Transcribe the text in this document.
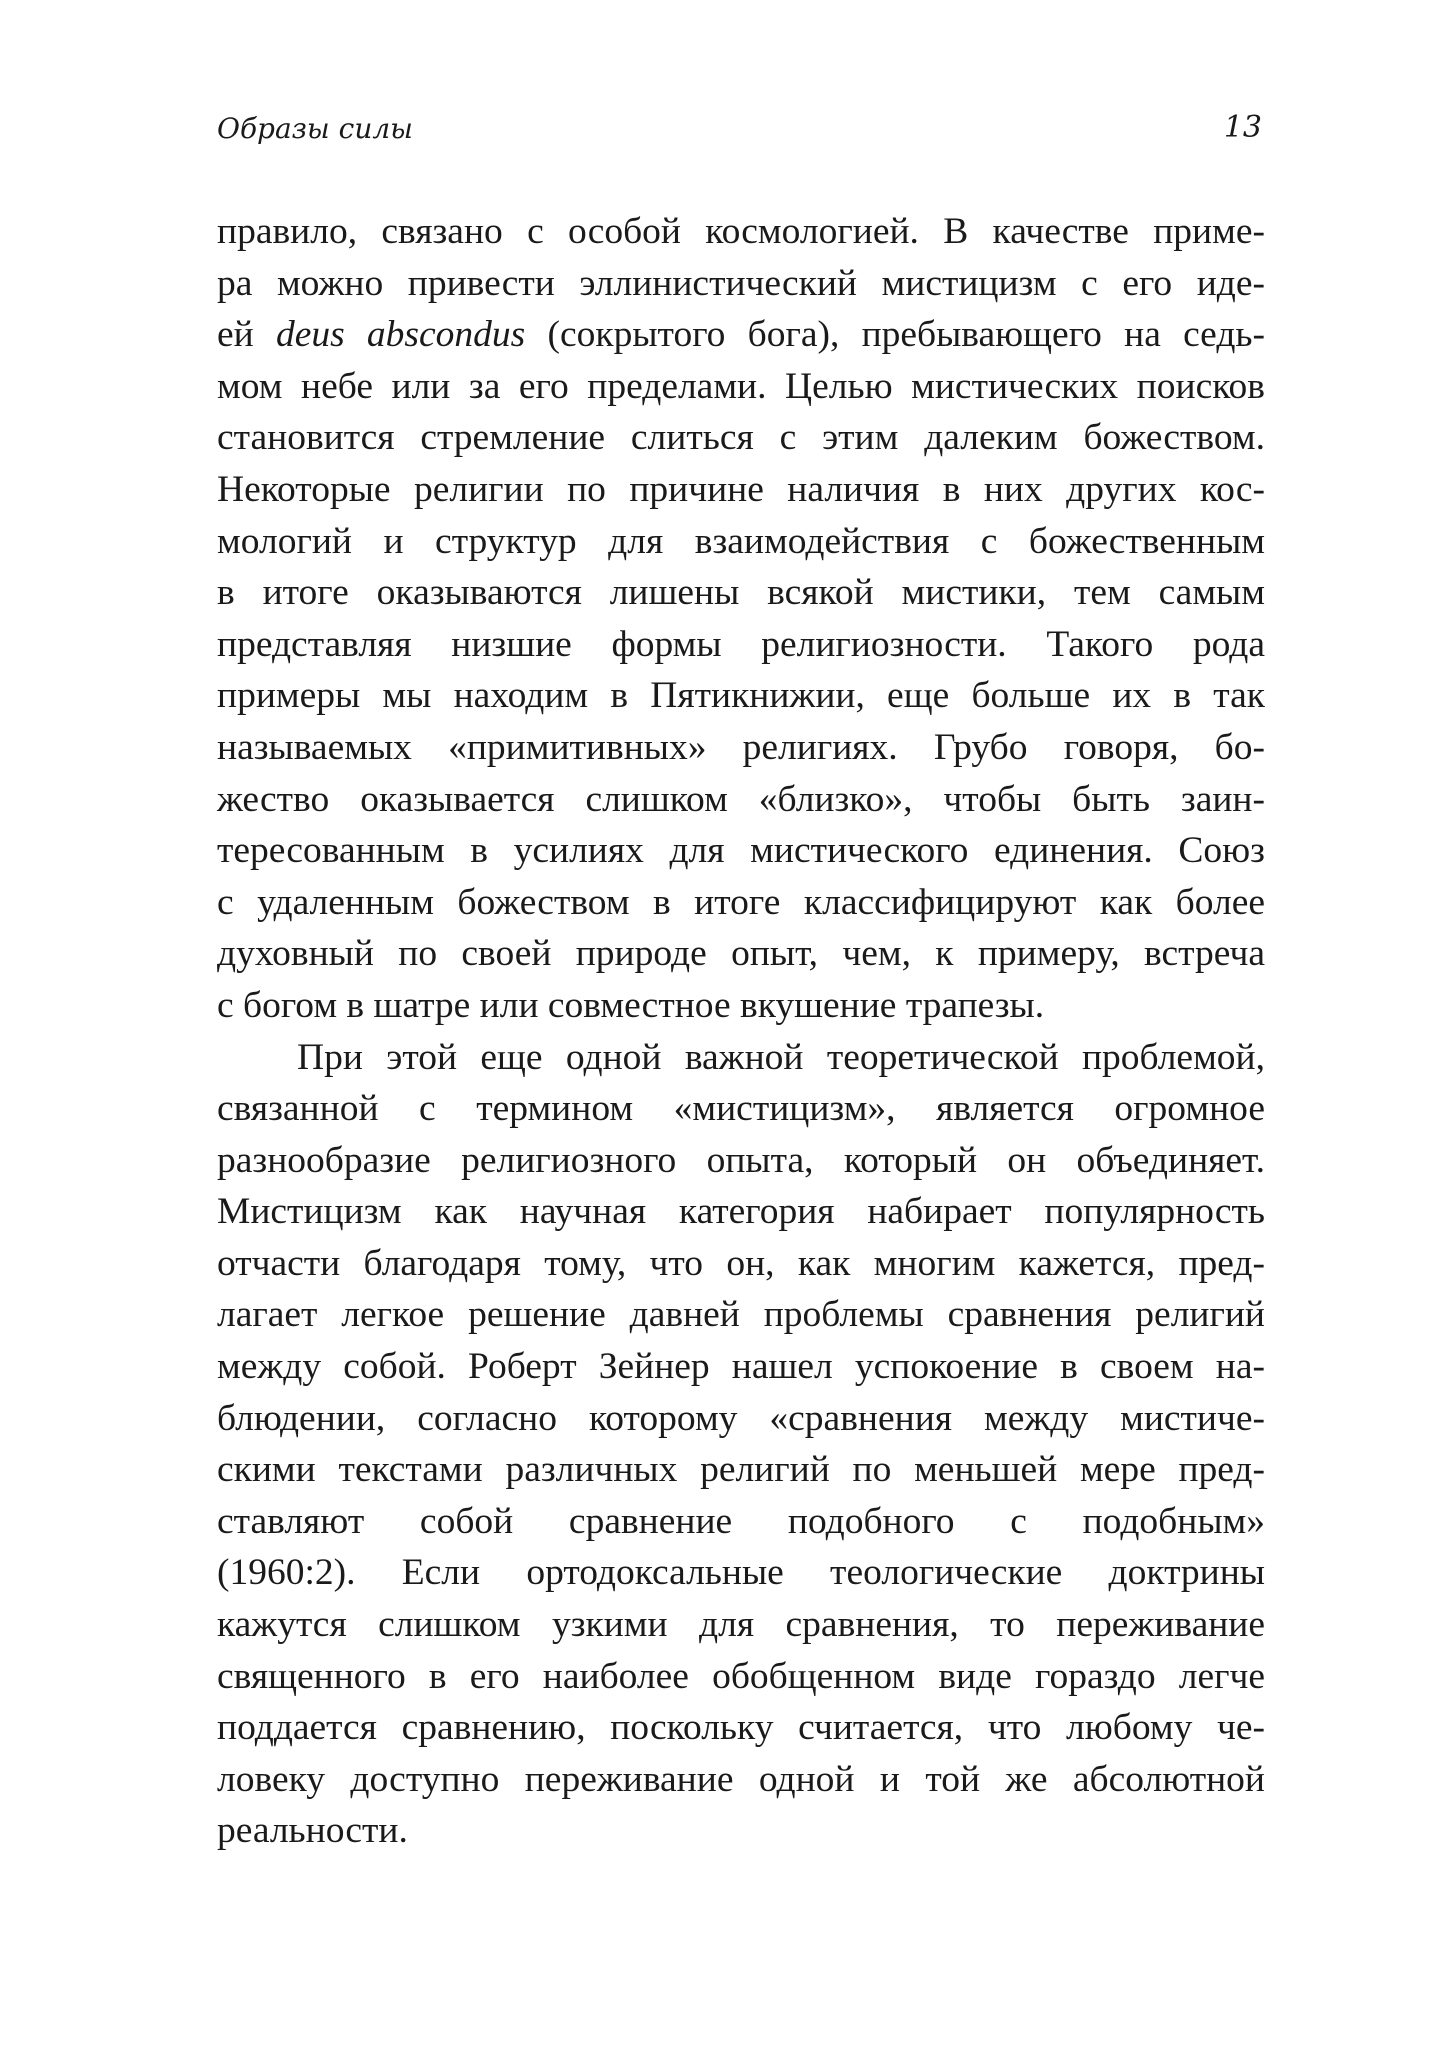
Образы силы	13
правило, связано с особой космологией. В качестве приме-
ра можно привести эллинистический мистицизм с его иде-
ей deus abscondus (сокрытого бога), пребывающего на седь-
мом небе или за его пределами. Целью мистических поисков
становится стремление слиться с этим далеким божеством.
Некоторые религии по причине наличия в них других кос-
мологий и структур для взаимодействия с божественным
в итоге оказываются лишены всякой мистики, тем самым
представляя низшие формы религиозности. Такого рода
примеры мы находим в Пятикнижии, еще больше их в так
называемых «примитивных» религиях. Грубо говоря, бо-
жество оказывается слишком «близко», чтобы быть заин-
тересованным в усилиях для мистического единения. Союз
с удаленным божеством в итоге классифицируют как более
духовный по своей природе опыт, чем, к примеру, встреча
с богом в шатре или совместное вкушение трапезы.
При этой еще одной важной теоретической проблемой,
связанной с термином «мистицизм», является огромное
разнообразие религиозного опыта, который он объединяет.
Мистицизм как научная категория набирает популярность
отчасти благодаря тому, что он, как многим кажется, пред-
лагает легкое решение давней проблемы сравнения религий
между собой. Роберт Зейнер нашел успокоение в своем на-
блюдении, согласно которому «сравнения между мистиче-
скими текстами различных религий по меньшей мере пред-
ставляют собой сравнение подобного с подобным»
(1960:2). Если ортодоксальные теологические доктрины
кажутся слишком узкими для сравнения, то переживание
священного в его наиболее обобщенном виде гораздо легче
поддается сравнению, поскольку считается, что любому че-
ловеку доступно переживание одной и той же абсолютной
реальности.
